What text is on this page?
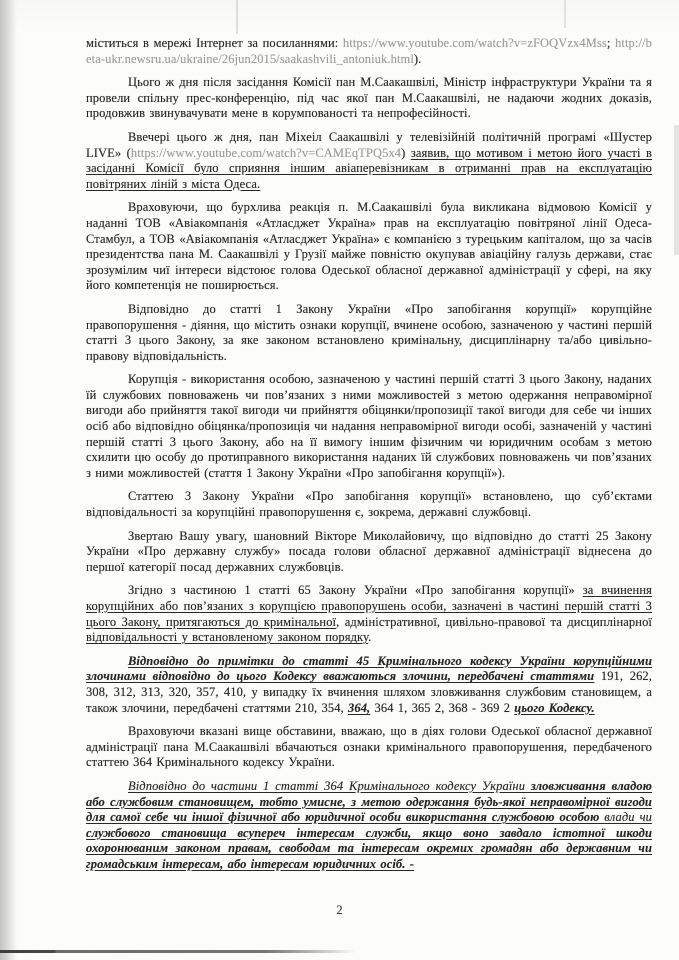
міститься в мережі Інтернет за посиланнями: https://www.youtube.com/watch?v=zFOQVzx4Mss; http://beta-ukr.newsru.ua/ukraine/26jun2015/saakashvili_antoniuk.html).

Цього ж дня після засідання Комісії пан М.Саакашвілі, Міністр інфраструктури України та я провели спільну прес-конференцію, під час якої пан М.Саакашвілі, не надаючи жодних доказів, продовжив звинувачувати мене в корумпованості та непрофесійності.

Ввечері цього ж дня, пан Міхеіл Саакашвілі у телевізійній політичній програмі «Шустер LIVE» (https://www.youtube.com/watch?v=CAMEqTPQ5x4) заявив, що мотивом і метою його участі в засіданні Комісії було сприяння іншим авіаперевізникам в отриманні прав на експлуатацію повітряних ліній з міста Одеса.

Враховуючи, що бурхлива реакція п. М.Саакашвілі була викликана відмовою Комісії у наданні ТОВ «Авіакомпанія «Атласджет Україна» прав на експлуатацію повітряної лінії Одеса-Стамбул, а ТОВ «Авіакомпанія «Атласджет Україна» є компанією з турецьким капіталом, що за часів президентства пана М. Саакашвілі у Грузії майже повністю окупував авіаційну галузь держави, стає зрозумілим чиї інтереси відстоює голова Одеської обласної державної адміністрації у сфері, на яку його компетенція не поширюється.

Відповідно до статті 1 Закону України «Про запобігання корупції» корупційне правопорушення - діяння, що містить ознаки корупції, вчинене особою, зазначеною у частині першій статті 3 цього Закону, за яке законом встановлено кримінальну, дисциплінарну та/або цивільно-правову відповідальність.

Корупція - використання особою, зазначеною у частині першій статті 3 цього Закону, наданих їй службових повноважень чи пов’язаних з ними можливостей з метою одержання неправомірної вигоди або прийняття такої вигоди чи прийняття обіцянки/пропозиції такої вигоди для себе чи інших осіб або відповідно обіцянка/пропозиція чи надання неправомірної вигоди особі, зазначеній у частині першій статті 3 цього Закону, або на її вимогу іншим фізичним чи юридичним особам з метою схилити цю особу до протиправного використання наданих їй службових повноважень чи пов’язаних з ними можливостей (стаття 1 Закону України «Про запобігання корупції»).

Статтею 3 Закону України «Про запобігання корупції» встановлено, що суб’єктами відповідальності за корупційні правопорушення є, зокрема, державні службовці.

Звертаю Вашу увагу, шановний Вікторе Миколайовичу, що відповідно до статті 25 Закону України «Про державну службу» посада голови обласної державної адміністрації віднесена до першої категорії посад державних службовців.

Згідно з частиною 1 статті 65 Закону України «Про запобігання корупції» за вчинення корупційних або пов’язаних з корупцією правопорушень особи, зазначені в частині першій статті 3 цього Закону, притягаються до кримінальної, адміністративної, цивільно-правової та дисциплінарної відповідальності у встановленому законом порядку.

Відповідно до примітки до статті 45 Кримінального кодексу України корупційними злочинами відповідно до цього Кодексу вважаються злочини, передбачені статтями 191, 262, 308, 312, 313, 320, 357, 410, у випадку їх вчинення шляхом зловживання службовим становищем, а також злочини, передбачені статтями 210, 354, 364, 364 1, 365 2, 368 - 369 2 цього Кодексу.

Враховуючи вказані вище обставини, вважаю, що в діях голови Одеської обласної державної адміністрації пана М.Саакашвілі вбачаються ознаки кримінального правопорушення, передбаченого статтею 364 Кримінального кодексу України.

Відповідно до частини 1 статті 364 Кримінального кодексу України зловживання владою або службовим становищем, тобто умисне, з метою одержання будь-якої неправомірної вигоди для самої себе чи іншої фізичної або юридичної особи використання службовою особою влади чи службового становища всупереч інтересам служби, якщо воно завдало істотної шкоди охоронюваним законом правам, свободам та інтересам окремих громадян або державним чи громадським інтересам, або інтересам юридичних осіб. -

2
